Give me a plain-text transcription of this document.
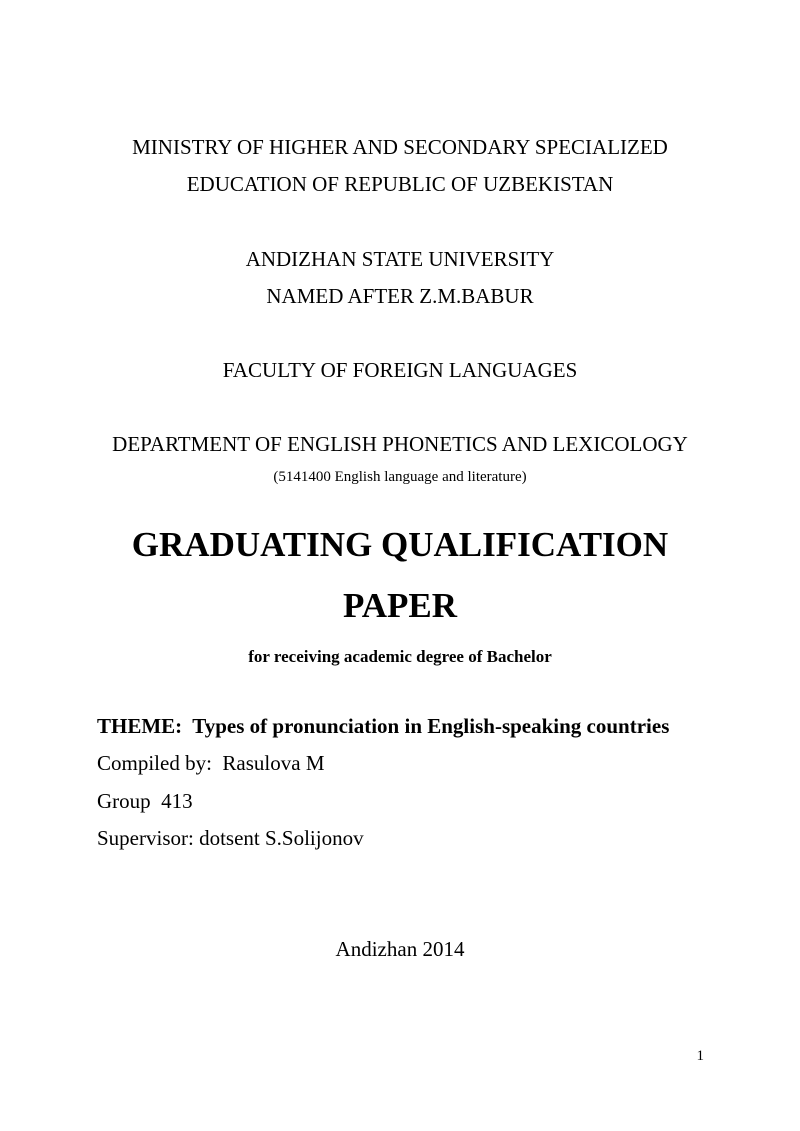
MINISTRY OF HIGHER AND SECONDARY SPECIALIZED
EDUCATION OF REPUBLIC OF UZBEKISTAN
ANDIZHAN STATE UNIVERSITY
NAMED AFTER Z.M.BABUR
FACULTY OF FOREIGN LANGUAGES
DEPARTMENT OF ENGLISH PHONETICS AND LEXICOLOGY
(5141400 English language and literature)
GRADUATING QUALIFICATION
PAPER
for receiving academic degree of Bachelor
THEME: Types of pronunciation in English-speaking countries
Compiled by: Rasulova M
Group 413
Supervisor: dotsent S.Solijonov
Andizhan 2014
1
